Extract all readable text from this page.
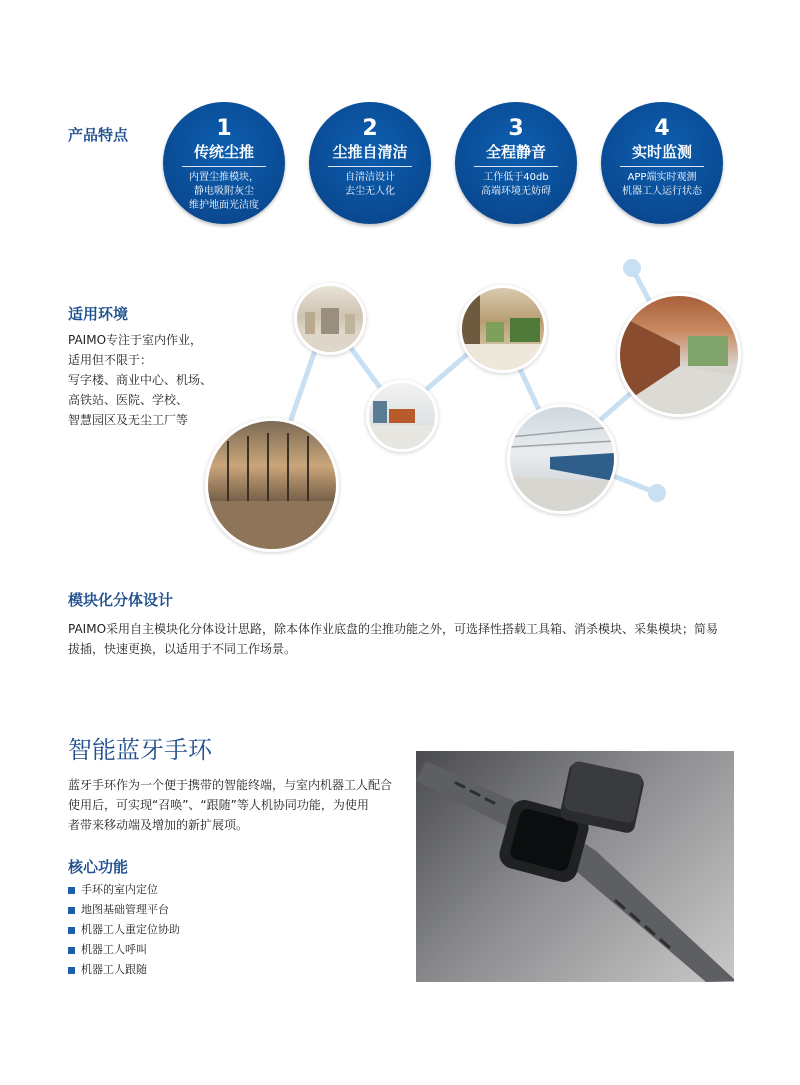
产品特点	1
传统尘推
内置尘推模块，
静电吸附灰尘
维护地面光洁度
2
尘推自清洁
自清洁设计
去尘无人化
3
全程静音
工作低于40db
高端环境无妨碍
4
实时监测
APP端实时观测
机器工人运行状态
适用环境
PAIMO专注于室内作业，
适用但不限于：
写字楼、商业中心、机场、
高铁站、医院、学校、
智慧园区及无尘工厂等
模块化分体设计
PAIMO采用自主模块化分体设计思路，除本体作业底盘的尘推功能之外，可选择性搭载工具箱、消杀模块、采集模块；简易
拔插，快速更换，以适用于不同工作场景。
智能蓝牙手环
蓝牙手环作为一个便于携带的智能终端，与室内机器工人配合
使用后，可实现“召唤”、“跟随”等人机协同功能，为使用
者带来移动端及增加的新扩展项。
核心功能
手环的室内定位
地图基础管理平台
机器工人重定位协助
机器工人呼叫
机器工人跟随
